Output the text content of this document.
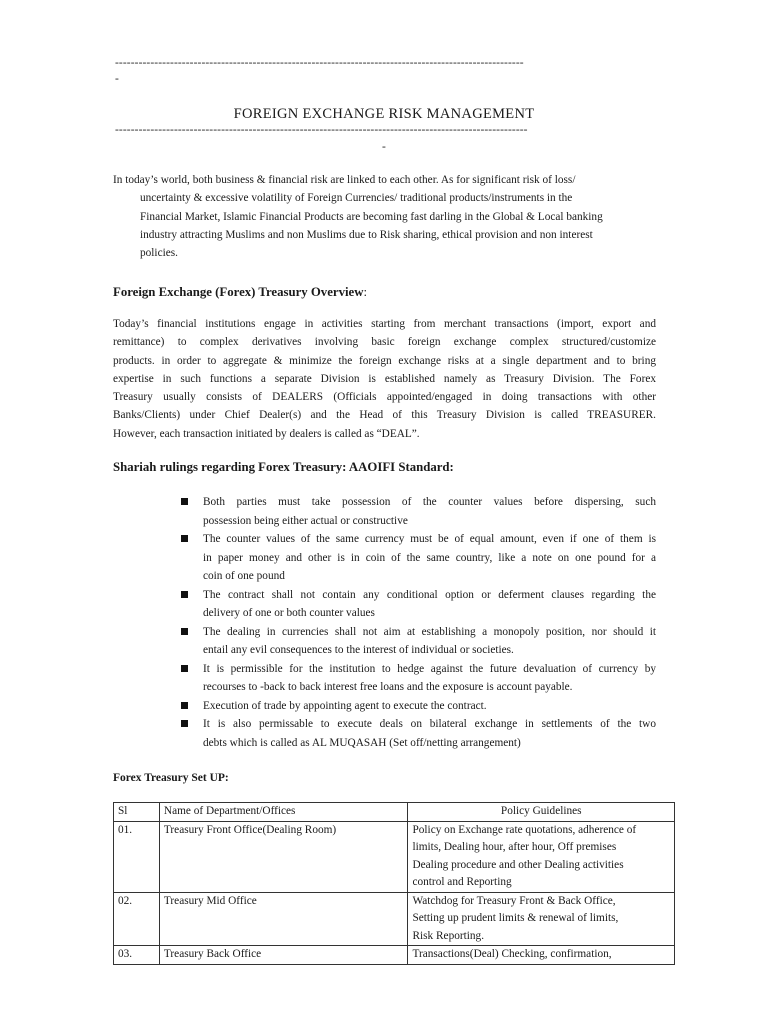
--------------------------------------------------------------------------------------------------------
-
FOREIGN EXCHANGE RISK MANAGEMENT
---------------------------------------------------------------------------------------------------------
-
In today’s world, both business & financial risk are linked to each other. As for significant risk of loss/
uncertainty & excessive volatility of Foreign Currencies/ traditional products/instruments in the
Financial Market, Islamic Financial Products are becoming fast darling in the Global & Local banking
industry attracting Muslims and non Muslims due to Risk sharing, ethical provision and non interest
policies.
Foreign Exchange (Forex) Treasury Overview:
Today’s financial institutions engage in activities starting from merchant transactions (import, export and
remittance) to complex derivatives involving basic foreign exchange complex structured/customize
products. in order to aggregate & minimize the foreign exchange risks at a single department and to bring
expertise in such functions a separate Division is established namely as Treasury Division. The Forex
Treasury usually consists of DEALERS (Officials appointed/engaged in doing transactions with other
Banks/Clients) under Chief Dealer(s) and the Head of this Treasury Division is called TREASURER.
However, each transaction initiated by dealers is called as “DEAL”.
Shariah rulings regarding Forex Treasury: AAOIFI Standard:
Both parties must take possession of the counter values before dispersing, such
possession being either actual or constructive
The counter values of the same currency must be of equal amount, even if one of them is
in paper money and other is in coin of the same country, like a note on one pound for a
coin of one pound
The contract shall not contain any conditional option or deferment clauses regarding the
delivery of one or both counter values
The dealing in currencies shall not aim at establishing a monopoly position, nor should it
entail any evil consequences to the interest of individual or societies.
It is permissible for the institution to hedge against the future devaluation of currency by
recourses to -back to back interest free loans and the exposure is account payable.
Execution of trade by appointing agent to execute the contract.
It is also permissable to execute deals on bilateral exchange in settlements of the two
debts which is called as AL MUQASAH (Set off/netting arrangement)
Forex Treasury Set UP:
Sl	Name of Department/Offices	Policy Guidelines
01.	Treasury Front Office(Dealing Room)	Policy on Exchange rate quotations, adherence of
limits, Dealing hour, after hour, Off premises
Dealing procedure and other Dealing activities
control and Reporting

02.	Treasury Mid Office	Watchdog for Treasury Front & Back Office,
Setting up prudent limits & renewal of limits,
Risk Reporting.

03.	Treasury Back Office	Transactions(Deal) Checking, confirmation,
